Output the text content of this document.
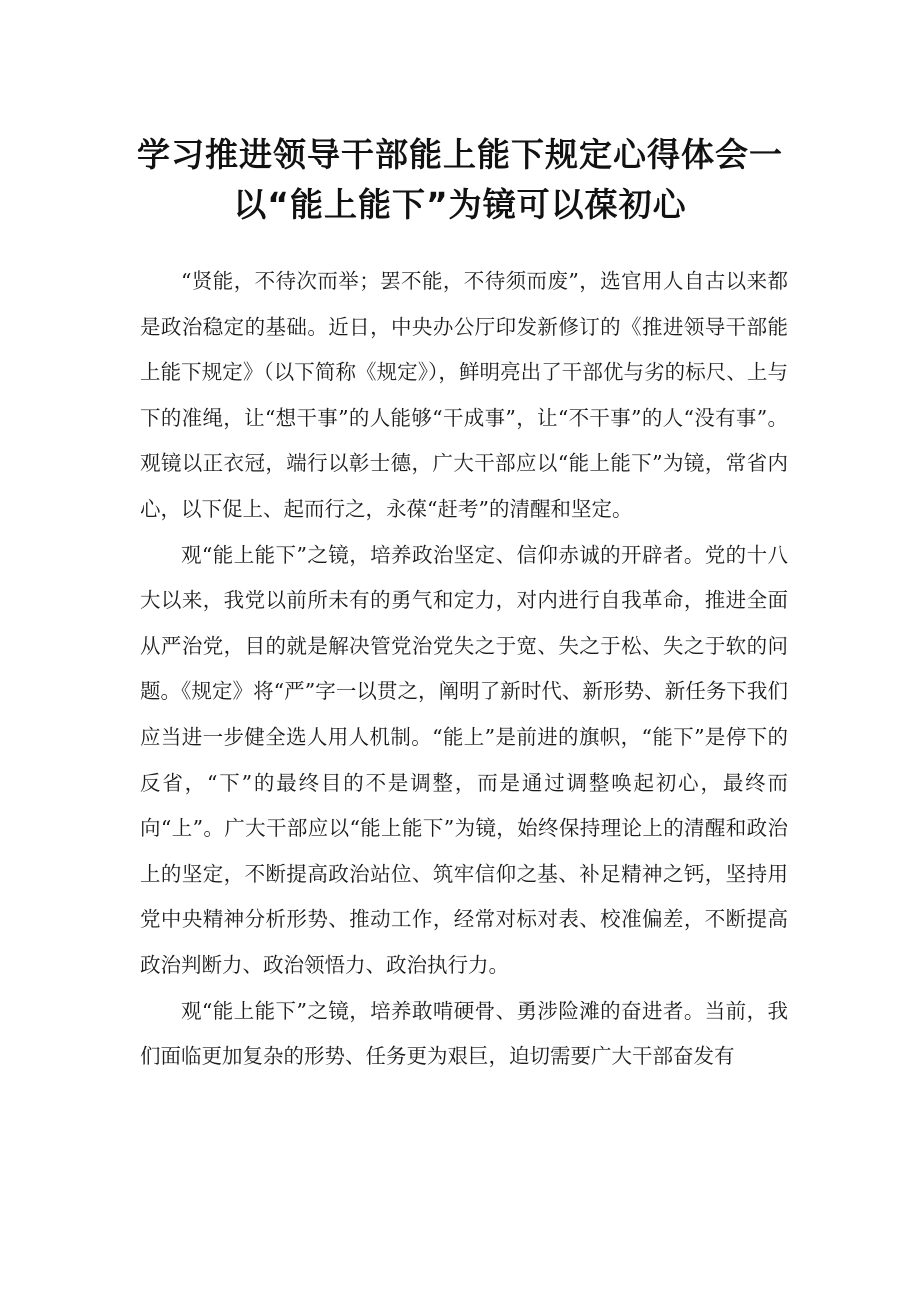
学习推进领导干部能上能下规定心得体会一
以“能上能下”为镜可以葆初心

“贤能，不待次而举；罢不能，不待须而废”，选官用人自古以来都是政治稳定的基础。近日，中央办公厅印发新修订的《推进领导干部能上能下规定》（以下简称《规定》），鲜明亮出了干部优与劣的标尺、上与下的准绳，让“想干事”的人能够“干成事”，让“不干事”的人“没有事”。观镜以正衣冠，端行以彰士德，广大干部应以“能上能下”为镜，常省内心，以下促上、起而行之，永葆“赶考”的清醒和坚定。

观“能上能下”之镜，培养政治坚定、信仰赤诚的开辟者。党的十八大以来，我党以前所未有的勇气和定力，对内进行自我革命，推进全面从严治党，目的就是解决管党治党失之于宽、失之于松、失之于软的问题。《规定》将“严”字一以贯之，阐明了新时代、新形势、新任务下我们应当进一步健全选人用人机制。“能上”是前进的旗帜，“能下”是停下的反省，“下”的最终目的不是调整，而是通过调整唤起初心，最终而向“上”。广大干部应以“能上能下”为镜，始终保持理论上的清醒和政治上的坚定，不断提高政治站位、筑牢信仰之基、补足精神之钙，坚持用党中央精神分析形势、推动工作，经常对标对表、校准偏差，不断提高政治判断力、政治领悟力、政治执行力。

观“能上能下”之镜，培养敢啃硬骨、勇涉险滩的奋进者。当前，我们面临更加复杂的形势、任务更为艰巨，迫切需要广大干部奋发有
